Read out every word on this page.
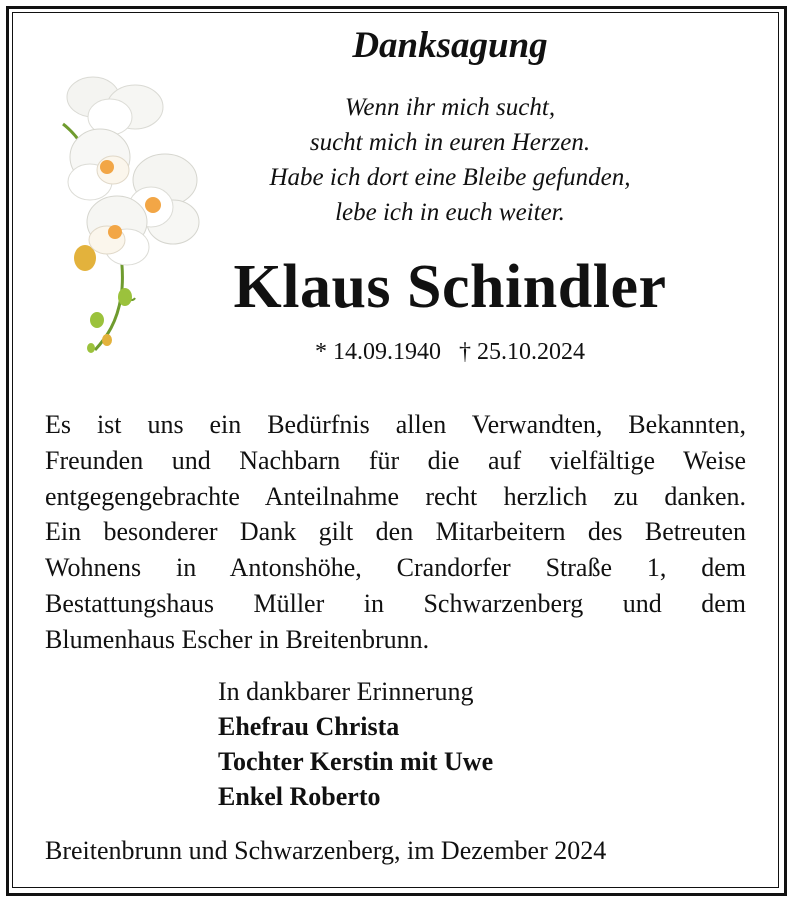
Danksagung
Wenn ihr mich sucht,
sucht mich in euren Herzen.
Habe ich dort eine Bleibe gefunden,
lebe ich in euch weiter.
Klaus Schindler
* 14.09.1940 † 25.10.2024
Es ist uns ein Bedürfnis allen Verwandten, Bekannten,
Freunden und Nachbarn für die auf vielfältige Weise
entgegengebrachte Anteilnahme recht herzlich zu danken.
Ein besonderer Dank gilt den Mitarbeitern des Betreuten
Wohnens in Antonshöhe, Crandorfer Straße 1, dem
Bestattungshaus Müller in Schwarzenberg und dem
Blumenhaus Escher in Breitenbrunn.
In dankbarer Erinnerung
Ehefrau Christa
Tochter Kerstin mit Uwe
Enkel Roberto
Breitenbrunn und Schwarzenberg, im Dezember 2024
